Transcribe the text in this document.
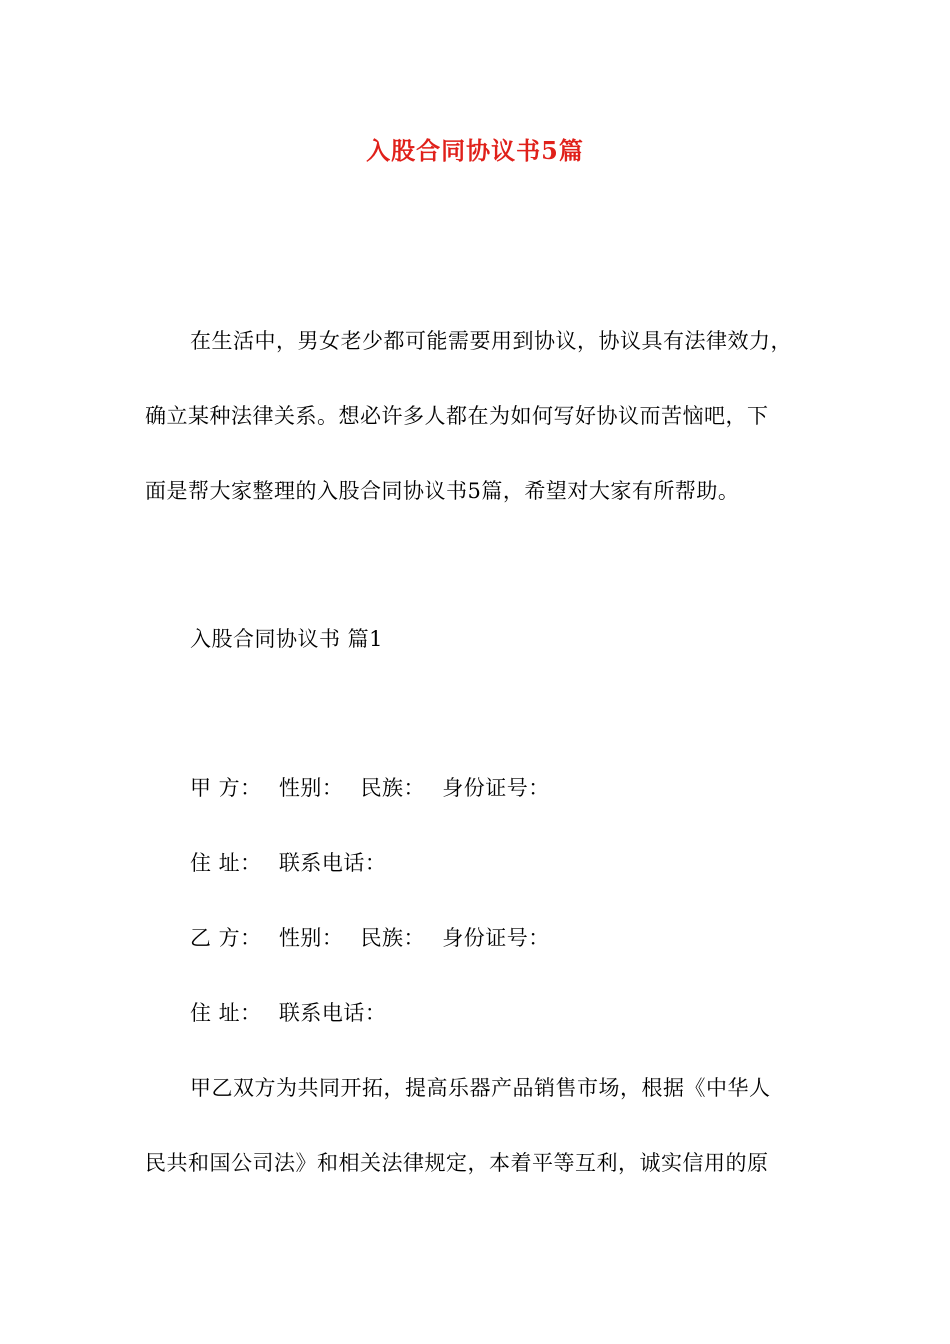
入股合同协议书5篇
在生活中，男女老少都可能需要用到协议，协议具有法律效力，
确立某种法律关系。想必许多人都在为如何写好协议而苦恼吧，下
面是帮大家整理的入股合同协议书5篇，希望对大家有所帮助。
入股合同协议书 篇1
甲 方： 性别： 民族： 身份证号：
住 址： 联系电话：
乙 方： 性别： 民族： 身份证号：
住 址： 联系电话：
甲乙双方为共同开拓，提高乐器产品销售市场，根据《中华人
民共和国公司法》和相关法律规定，本着平等互利，诚实信用的原
